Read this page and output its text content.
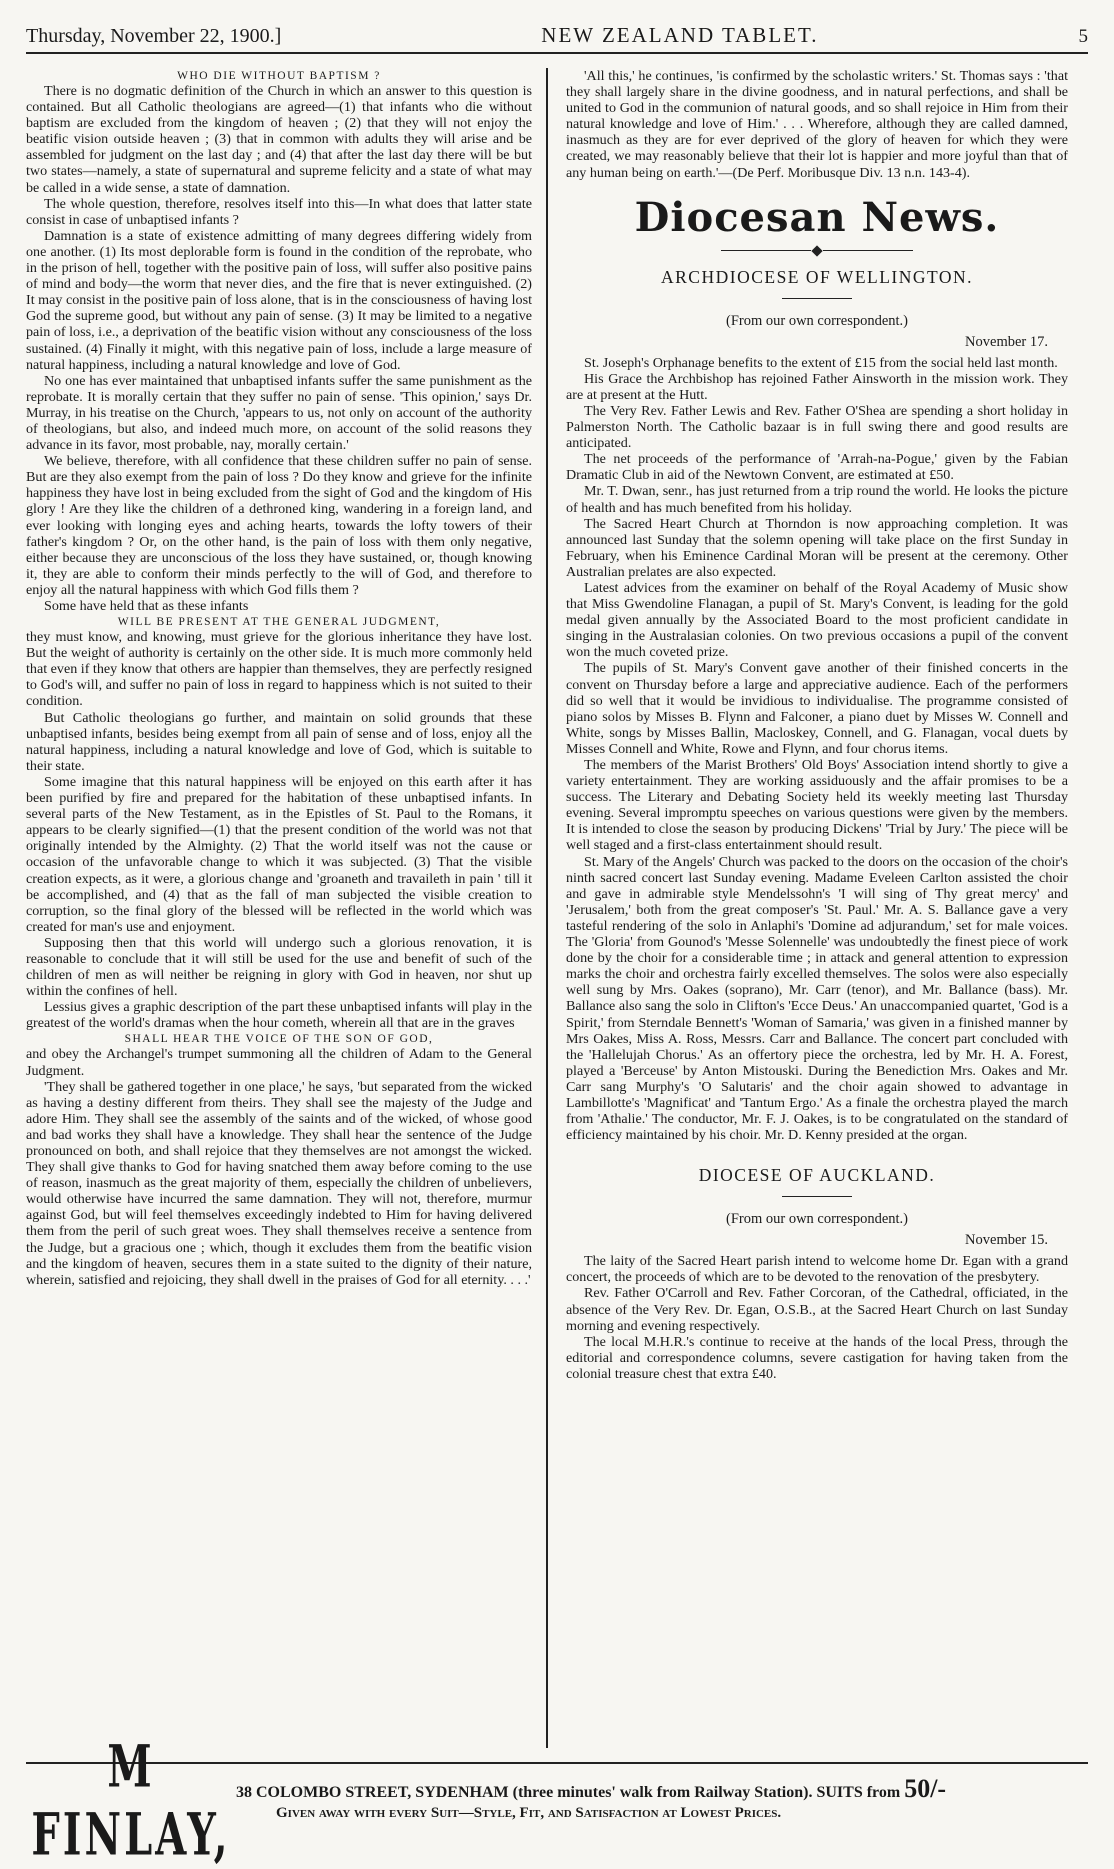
Thursday, November 22, 1900.]	NEW ZEALAND TABLET.	5
WHO DIE WITHOUT BAPTISM ?

There is no dogmatic definition of the Church in which an answer to this question is contained. But all Catholic theologians are agreed—(1) that infants who die without baptism are excluded from the kingdom of heaven ; (2) that they will not enjoy the beatific vision outside heaven ; (3) that in common with adults they will arise and be assembled for judgment on the last day ; and (4) that after the last day there will be but two states—namely, a state of supernatural and supreme felicity and a state of what may be called in a wide sense, a state of damnation.

The whole question, therefore, resolves itself into this—In what does that latter state consist in case of unbaptised infants ?

Damnation is a state of existence admitting of many degrees differing widely from one another. (1) Its most deplorable form is found in the condition of the reprobate, who in the prison of hell, together with the positive pain of loss, will suffer also positive pains of mind and body—the worm that never dies, and the fire that is never extinguished. (2) It may consist in the positive pain of loss alone, that is in the consciousness of having lost God the supreme good, but without any pain of sense. (3) It may be limited to a negative pain of loss, i.e., a deprivation of the beatific vision without any consciousness of the loss sustained. (4) Finally it might, with this negative pain of loss, include a large measure of natural happiness, including a natural knowledge and love of God.

No one has ever maintained that unbaptised infants suffer the same punishment as the reprobate. It is morally certain that they suffer no pain of sense. 'This opinion,' says Dr. Murray, in his treatise on the Church, 'appears to us, not only on account of the authority of theologians, but also, and indeed much more, on account of the solid reasons they advance in its favor, most probable, nay, morally certain.'

We believe, therefore, with all confidence that these children suffer no pain of sense. But are they also exempt from the pain of loss ? Do they know and grieve for the infinite happiness they have lost in being excluded from the sight of God and the kingdom of His glory ! Are they like the children of a dethroned king, wandering in a foreign land, and ever looking with longing eyes and aching hearts, towards the lofty towers of their father's kingdom ? Or, on the other hand, is the pain of loss with them only negative, either because they are unconscious of the loss they have sustained, or, though knowing it, they are able to conform their minds perfectly to the will of God, and therefore to enjoy all the natural happiness with which God fills them ?

Some have held that as these infants

WILL BE PRESENT AT THE GENERAL JUDGMENT,

they must know, and knowing, must grieve for the glorious inheritance they have lost. But the weight of authority is certainly on the other side. It is much more commonly held that even if they know that others are happier than themselves, they are perfectly resigned to God's will, and suffer no pain of loss in regard to happiness which is not suited to their condition.

But Catholic theologians go further, and maintain on solid grounds that these unbaptised infants, besides being exempt from all pain of sense and of loss, enjoy all the natural happiness, including a natural knowledge and love of God, which is suitable to their state.

Some imagine that this natural happiness will be enjoyed on this earth after it has been purified by fire and prepared for the habitation of these unbaptised infants. In several parts of the New Testament, as in the Epistles of St. Paul to the Romans, it appears to be clearly signified—(1) that the present condition of the world was not that originally intended by the Almighty. (2) That the world itself was not the cause or occasion of the unfavorable change to which it was subjected. (3) That the visible creation expects, as it were, a glorious change and 'groaneth and travaileth in pain ' till it be accomplished, and (4) that as the fall of man subjected the visible creation to corruption, so the final glory of the blessed will be reflected in the world which was created for man's use and enjoyment.

Supposing then that this world will undergo such a glorious renovation, it is reasonable to conclude that it will still be used for the use and benefit of such of the children of men as will neither be reigning in glory with God in heaven, nor shut up within the confines of hell.

Lessius gives a graphic description of the part these unbaptised infants will play in the greatest of the world's dramas when the hour cometh, wherein all that are in the graves

SHALL HEAR THE VOICE OF THE SON OF GOD,

and obey the Archangel's trumpet summoning all the children of Adam to the General Judgment.

'They shall be gathered together in one place,' he says, 'but separated from the wicked as having a destiny different from theirs. They shall see the majesty of the Judge and adore Him. They shall see the assembly of the saints and of the wicked, of whose good and bad works they shall have a knowledge. They shall hear the sentence of the Judge pronounced on both, and shall rejoice that they themselves are not amongst the wicked. They shall give thanks to God for having snatched them away before coming to the use of reason, inasmuch as the great majority of them, especially the children of unbelievers, would otherwise have incurred the same damnation. They will not, therefore, murmur against God, but will feel themselves exceedingly indebted to Him for having delivered them from the peril of such great woes. They shall themselves receive a sentence from the Judge, but a gracious one ; which, though it excludes them from the beatific vision and the kingdom of heaven, secures them in a state suited to the dignity of their nature, wherein, satisfied and rejoicing, they shall dwell in the praises of God for all eternity. . . .'

'All this,' he continues, 'is confirmed by the scholastic writers.' St. Thomas says : 'that they shall largely share in the divine goodness, and in natural perfections, and shall be united to God in the communion of natural goods, and so shall rejoice in Him from their natural knowledge and love of Him.' . . . Wherefore, although they are called damned, inasmuch as they are for ever deprived of the glory of heaven for which they were created, we may reasonably believe that their lot is happier and more joyful than that of any human being on earth.'—(De Perf. Moribusque Div. 13 n.n. 143-4).

Diocesan News.
ARCHDIOCESE OF WELLINGTON.
(From our own correspondent.)
November 17.

St. Joseph's Orphanage benefits to the extent of £15 from the social held last month.

His Grace the Archbishop has rejoined Father Ainsworth in the mission work. They are at present at the Hutt.

The Very Rev. Father Lewis and Rev. Father O'Shea are spending a short holiday in Palmerston North. The Catholic bazaar is in full swing there and good results are anticipated.

The net proceeds of the performance of 'Arrah-na-Pogue,' given by the Fabian Dramatic Club in aid of the Newtown Convent, are estimated at £50.

Mr. T. Dwan, senr., has just returned from a trip round the world. He looks the picture of health and has much benefited from his holiday.

The Sacred Heart Church at Thorndon is now approaching completion. It was announced last Sunday that the solemn opening will take place on the first Sunday in February, when his Eminence Cardinal Moran will be present at the ceremony. Other Australian prelates are also expected.

Latest advices from the examiner on behalf of the Royal Academy of Music show that Miss Gwendoline Flanagan, a pupil of St. Mary's Convent, is leading for the gold medal given annually by the Associated Board to the most proficient candidate in singing in the Australasian colonies. On two previous occasions a pupil of the convent won the much coveted prize.

The pupils of St. Mary's Convent gave another of their finished concerts in the convent on Thursday before a large and appreciative audience. Each of the performers did so well that it would be invidious to individualise. The programme consisted of piano solos by Misses B. Flynn and Falconer, a piano duet by Misses W. Connell and White, songs by Misses Ballin, Macloskey, Connell, and G. Flanagan, vocal duets by Misses Connell and White, Rowe and Flynn, and four chorus items.

The members of the Marist Brothers' Old Boys' Association intend shortly to give a variety entertainment. They are working assiduously and the affair promises to be a success. The Literary and Debating Society held its weekly meeting last Thursday evening. Several impromptu speeches on various questions were given by the members. It is intended to close the season by producing Dickens' 'Trial by Jury.' The piece will be well staged and a first-class entertainment should result.

St. Mary of the Angels' Church was packed to the doors on the occasion of the choir's ninth sacred concert last Sunday evening. Madame Eveleen Carlton assisted the choir and gave in admirable style Mendelssohn's 'I will sing of Thy great mercy' and 'Jerusalem,' both from the great composer's 'St. Paul.' Mr. A. S. Ballance gave a very tasteful rendering of the solo in Anlaphi's 'Domine ad adjurandum,' set for male voices. The 'Gloria' from Gounod's 'Messe Solennelle' was undoubtedly the finest piece of work done by the choir for a considerable time ; in attack and general attention to expression marks the choir and orchestra fairly excelled themselves. The solos were also especially well sung by Mrs. Oakes (soprano), Mr. Carr (tenor), and Mr. Ballance (bass). Mr. Ballance also sang the solo in Clifton's 'Ecce Deus.' An unaccompanied quartet, 'God is a Spirit,' from Sterndale Bennett's 'Woman of Samaria,' was given in a finished manner by Mrs Oakes, Miss A. Ross, Messrs. Carr and Ballance. The concert part concluded with the 'Hallelujah Chorus.' As an offertory piece the orchestra, led by Mr. H. A. Forest, played a 'Berceuse' by Anton Mistouski. During the Benediction Mrs. Oakes and Mr. Carr sang Murphy's 'O Salutaris' and the choir again showed to advantage in Lambillotte's 'Magnificat' and 'Tantum Ergo.' As a finale the orchestra played the march from 'Athalie.' The conductor, Mr. F. J. Oakes, is to be congratulated on the standard of efficiency maintained by his choir. Mr. D. Kenny presided at the organ.

DIOCESE OF AUCKLAND.
(From our own correspondent.)
November 15.

The laity of the Sacred Heart parish intend to welcome home Dr. Egan with a grand concert, the proceeds of which are to be devoted to the renovation of the presbytery.

Rev. Father O'Carroll and Rev. Father Corcoran, of the Cathedral, officiated, in the absence of the Very Rev. Dr. Egan, O.S.B., at the Sacred Heart Church on last Sunday morning and evening respectively.

The local M.H.R.'s continue to receive at the hands of the local Press, through the editorial and correspondence columns, severe castigation for having taken from the colonial treasure chest that extra £40.

M FINLAY,
38 COLOMBO STREET, SYDENHAM (three minutes' walk from Railway Station). SUITS from 50/-
Given away with every Suit—Style, Fit, and Satisfaction at Lowest Prices.
